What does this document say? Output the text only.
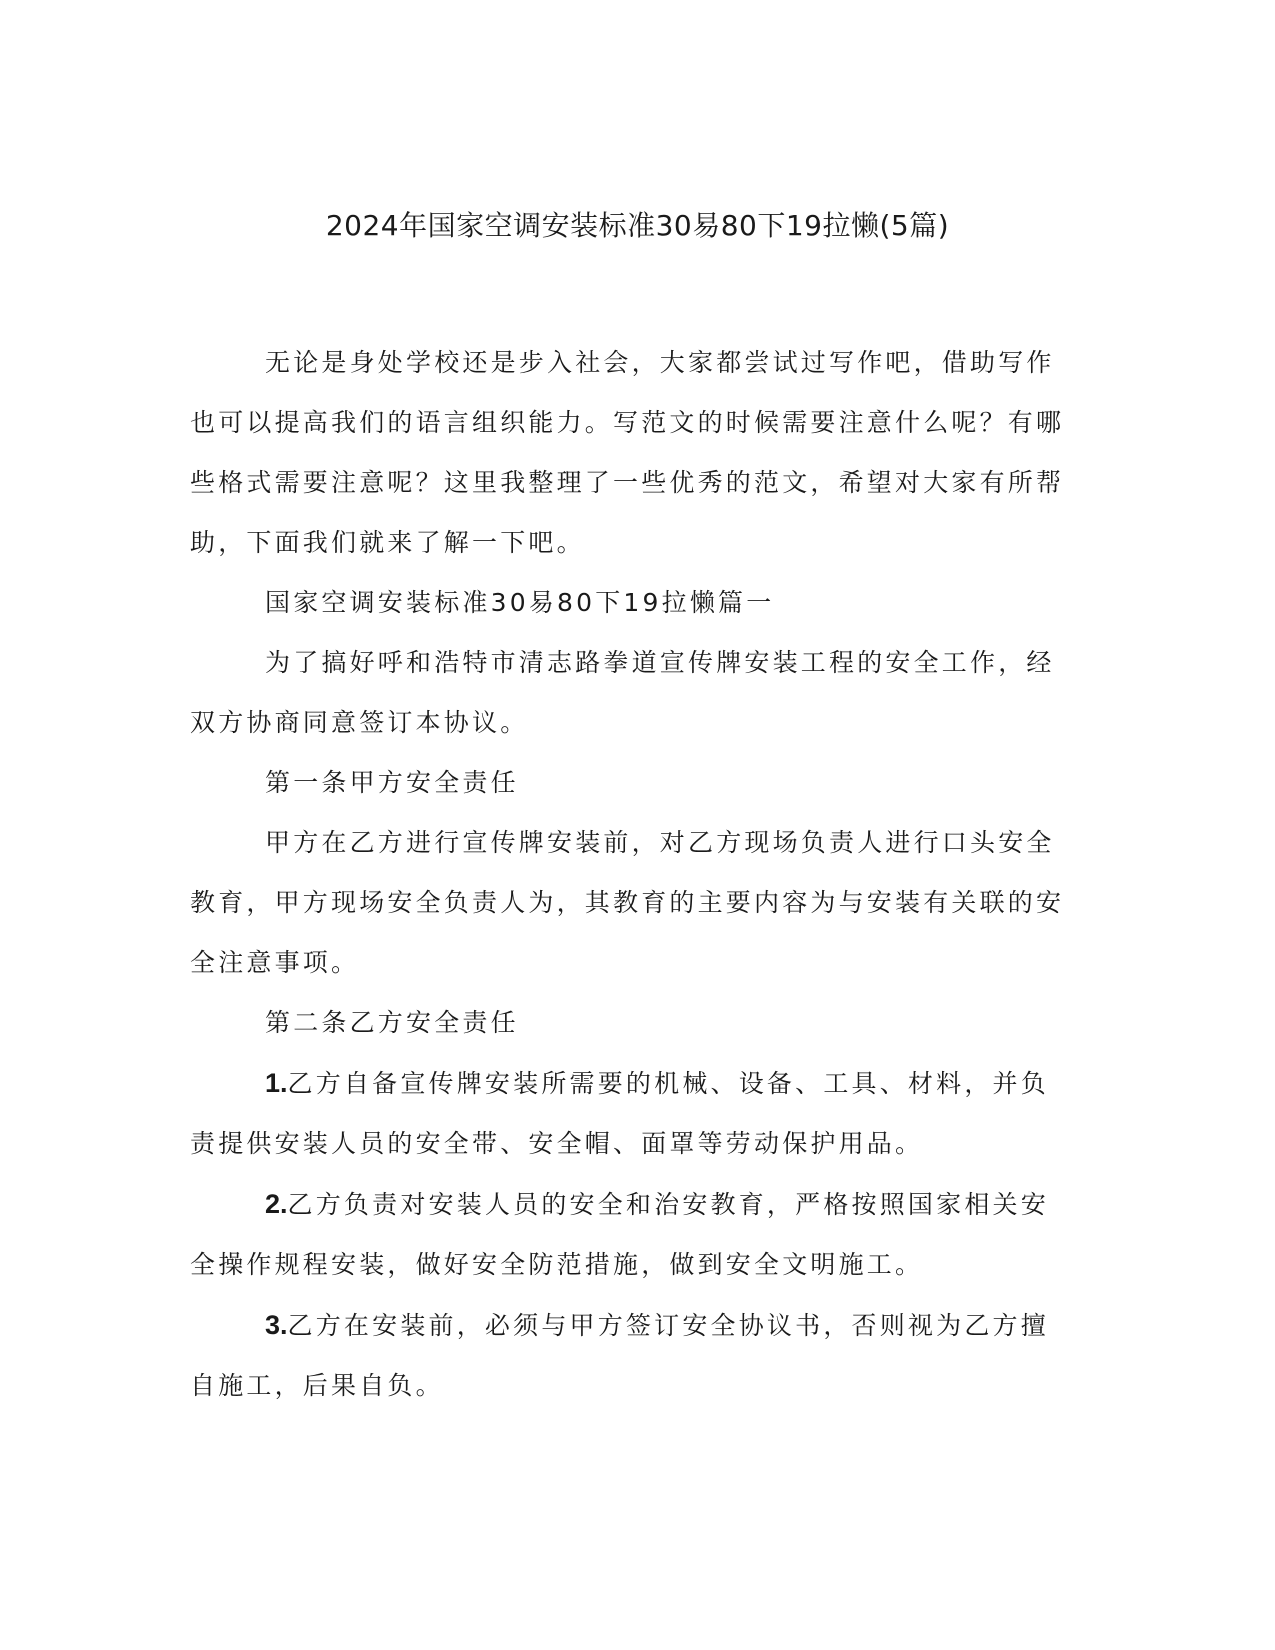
2024年国家空调安装标准30易80下19拉懒(5篇)

无论是身处学校还是步入社会，大家都尝试过写作吧，借助写作也可以提高我们的语言组织能力。写范文的时候需要注意什么呢？有哪些格式需要注意呢？这里我整理了一些优秀的范文，希望对大家有所帮助，下面我们就来了解一下吧。

国家空调安装标准30易80下19拉懒篇一

为了搞好呼和浩特市清志路拳道宣传牌安装工程的安全工作，经双方协商同意签订本协议。

第一条甲方安全责任

甲方在乙方进行宣传牌安装前，对乙方现场负责人进行口头安全教育，甲方现场安全负责人为，其教育的主要内容为与安装有关联的安全注意事项。

第二条乙方安全责任

1.乙方自备宣传牌安装所需要的机械、设备、工具、材料，并负责提供安装人员的安全带、安全帽、面罩等劳动保护用品。

2.乙方负责对安装人员的安全和治安教育，严格按照国家相关安全操作规程安装，做好安全防范措施，做到安全文明施工。

3.乙方在安装前，必须与甲方签订安全协议书，否则视为乙方擅自施工，后果自负。
